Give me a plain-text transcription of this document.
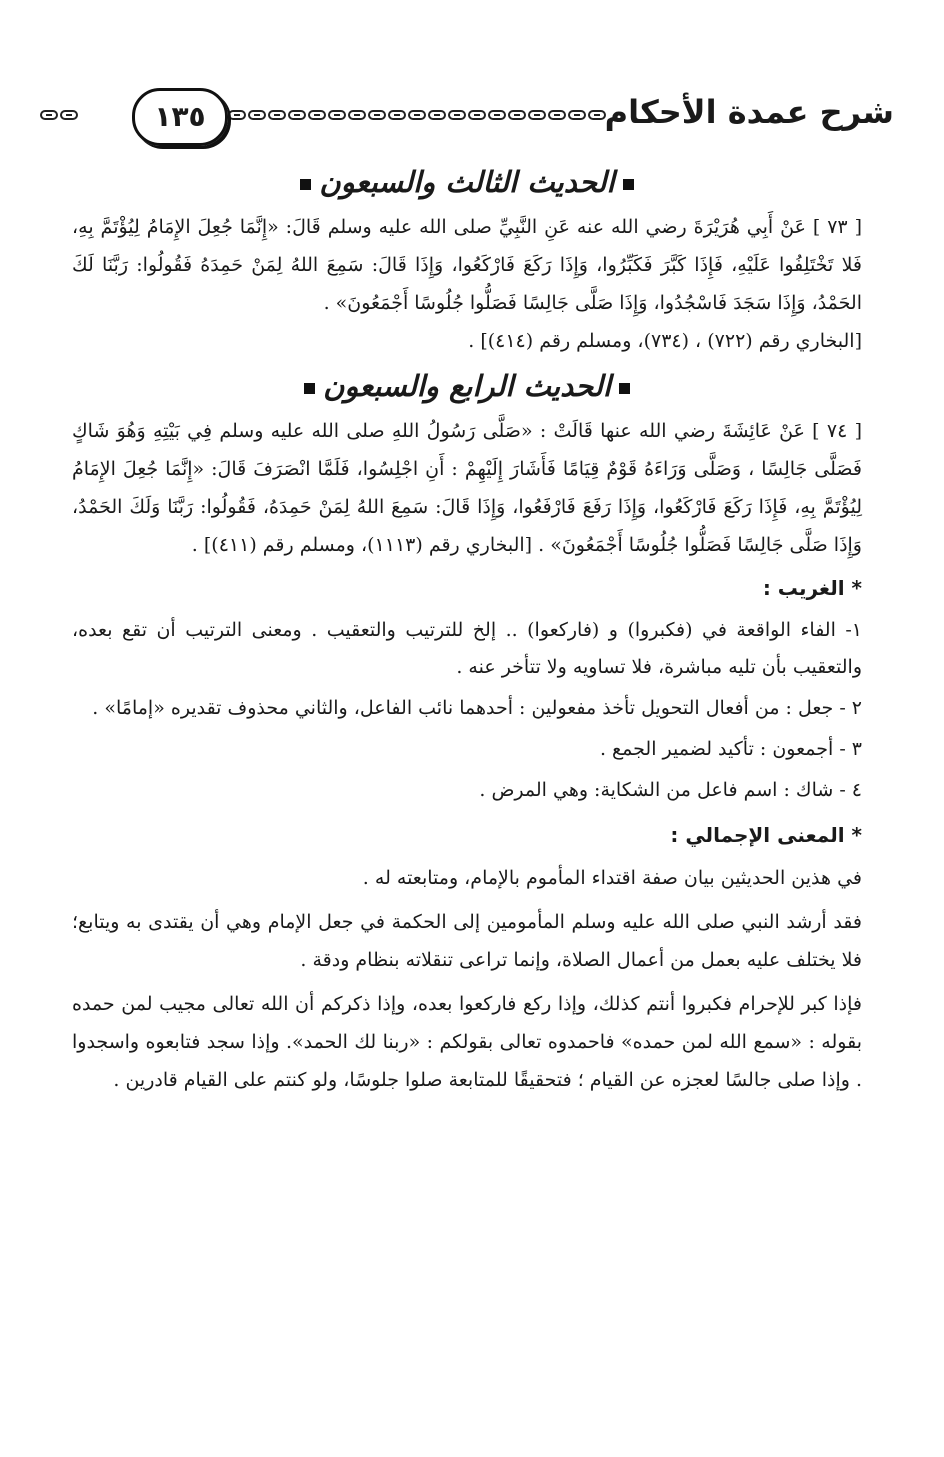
شرح عمدة الأحكام
١٣٥
الحديث الثالث والسبعون

[ ٧٣ ] عَنْ أَبِي هُرَيْرَةَ رضي الله عنه عَنِ النَّبِيِّ صلى الله عليه وسلم قَالَ: «إِنَّمَا جُعِلَ الإِمَامُ لِيُؤْتَمَّ بِهِ، فَلا تَخْتَلِفُوا عَلَيْهِ، فَإِذَا كَبَّرَ فَكَبِّرُوا، وَإِذَا رَكَعَ فَارْكَعُوا، وَإِذَا قَالَ: سَمِعَ اللهُ لِمَنْ حَمِدَهُ فَقُولُوا: رَبَّنَا لَكَ الحَمْدُ، وَإِذَا سَجَدَ فَاسْجُدُوا، وَإِذَا صَلَّى جَالِسًا فَصَلُّوا جُلُوسًا أَجْمَعُونَ» .

[البخاري رقم (٧٢٢) ، (٧٣٤)، ومسلم رقم (٤١٤)] .

الحديث الرابع والسبعون

[ ٧٤ ] عَنْ عَائِشَةَ رضي الله عنها قَالَتْ : «صَلَّى رَسُولُ اللهِ صلى الله عليه وسلم فِي بَيْتِهِ وَهُوَ شَاكٍ فَصَلَّى جَالِسًا ، وَصَلَّى وَرَاءَهُ قَوْمٌ قِيَامًا فَأَشَارَ إِلَيْهِمْ : أَنِ اجْلِسُوا، فَلَمَّا انْصَرَفَ قَالَ: «إِنَّمَا جُعِلَ الإِمَامُ لِيُؤْتَمَّ بِهِ، فَإِذَا رَكَعَ فَارْكَعُوا، وَإِذَا رَفَعَ فَارْفَعُوا، وَإِذَا قَالَ: سَمِعَ اللهُ لِمَنْ حَمِدَهُ، فَقُولُوا: رَبَّنَا وَلَكَ الحَمْدُ، وَإِذَا صَلَّى جَالِسًا فَصَلُّوا جُلُوسًا أَجْمَعُونَ» . [البخاري رقم (١١١٣)، ومسلم رقم (٤١١)] .

* الغريب :
١- الفاء الواقعة في (فكبروا) و (فاركعوا) .. إلخ للترتيب والتعقيب . ومعنى الترتيب أن تقع بعده، والتعقيب بأن تليه مباشرة، فلا تساويه ولا تتأخر عنه .
٢ - جعل : من أفعال التحويل تأخذ مفعولين : أحدهما نائب الفاعل، والثاني محذوف تقديره «إمامًا» .
٣ - أجمعون : تأكيد لضمير الجمع .
٤ - شاك : اسم فاعل من الشكاية: وهي المرض .
* المعنى الإجمالي :

في هذين الحديثين بيان صفة اقتداء المأموم بالإمام، ومتابعته له .

فقد أرشد النبي صلى الله عليه وسلم المأمومين إلى الحكمة في جعل الإمام وهي أن يقتدى به ويتابع؛ فلا يختلف عليه بعمل من أعمال الصلاة، وإنما تراعى تنقلاته بنظام ودقة .

فإذا كبر للإحرام فكبروا أنتم كذلك، وإذا ركع فاركعوا بعده، وإذا ذكركم أن الله تعالى مجيب لمن حمده بقوله : «سمع الله لمن حمده» فاحمدوه تعالى بقولكم : «ربنا لك الحمد». وإذا سجد فتابعوه واسجدوا . وإذا صلى جالسًا لعجزه عن القيام ؛ فتحقيقًا للمتابعة صلوا جلوسًا، ولو كنتم على القيام قادرين .
